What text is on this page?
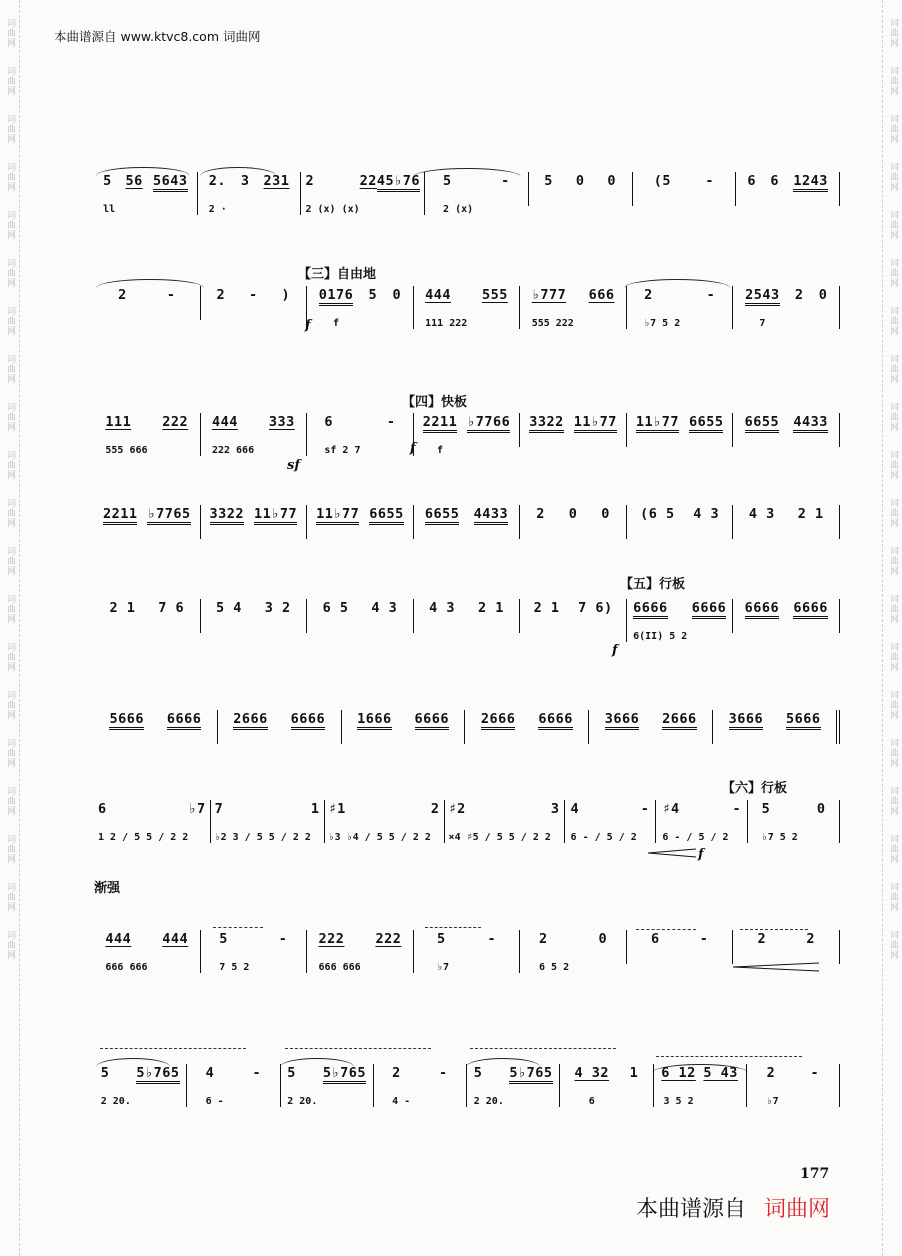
词曲网
词曲网
词曲网
词曲网
词曲网
词曲网
词曲网
词曲网
词曲网
词曲网
词曲网
词曲网
词曲网
词曲网
词曲网
词曲网
词曲网
词曲网
词曲网
词曲网
词曲网
词曲网
词曲网
词曲网
词曲网
词曲网
词曲网
词曲网
词曲网
词曲网
词曲网
词曲网
词曲网
词曲网
词曲网
词曲网
词曲网
词曲网
词曲网
词曲网
本曲谱源自 www.ktvc8.com 词曲网
5
ll
56 5643 2.
2 ·
3 231 2
2 (x) (x)
22 45♭76 5
2 (x)
-	5 0 0	(5	- 6 6 1243
2	-	2 - ) 0176
f
5 0 444
111 222
555 ♭777
555 222
666 2
♭7 5 2
- 2543
7
2 0
111
555 666
222 444
222 666
333 6
sf 2 7
- 2211
f
♭7766 3322 11♭77 11♭77 6655 6655 4433
2211 ♭7765 3322 11♭77 11♭77 6655 6655 4433 2 0 0 (6 5 4 3 4 3 2 1
2 1 7 6 5 4 3 2 6 5 4 3 4 3 2 1 2 1 7 6) 6666
6(II) 5 2
6666 6666 6666
5666 6666 2666 6666 1666 6666 2666 6666 3666 2666 3666 5666
6
1 2 / 5 5 / 2 2
♭7 7
♭2 3 / 5 5 / 2 2
1 ♯1
♭3 ♭4 / 5 5 / 2 2
2 ♯2
×4 ♯5 / 5 5 / 2 2
3 4
6 - / 5 / 2
- ♯4
6 - / 5 / 2
- 5
♭7 5 2
0
444
666 666
444 5
7 5 2
- 222
666 666
222	5
♭7
-	2
6 5 2
0	6	-	2	2
5
2 20.
5♭765 4
6 -
- 5
2 20.
5♭765 2
4 -
- 5
2 20.
5♭765 4 32
6
1 6 12
3 5 2
5 43 2
♭7
-
【三】自由地
【四】快板
【五】行板
【六】行板
f
sf
f
f
f
渐强
177
本曲谱源自 词曲网
